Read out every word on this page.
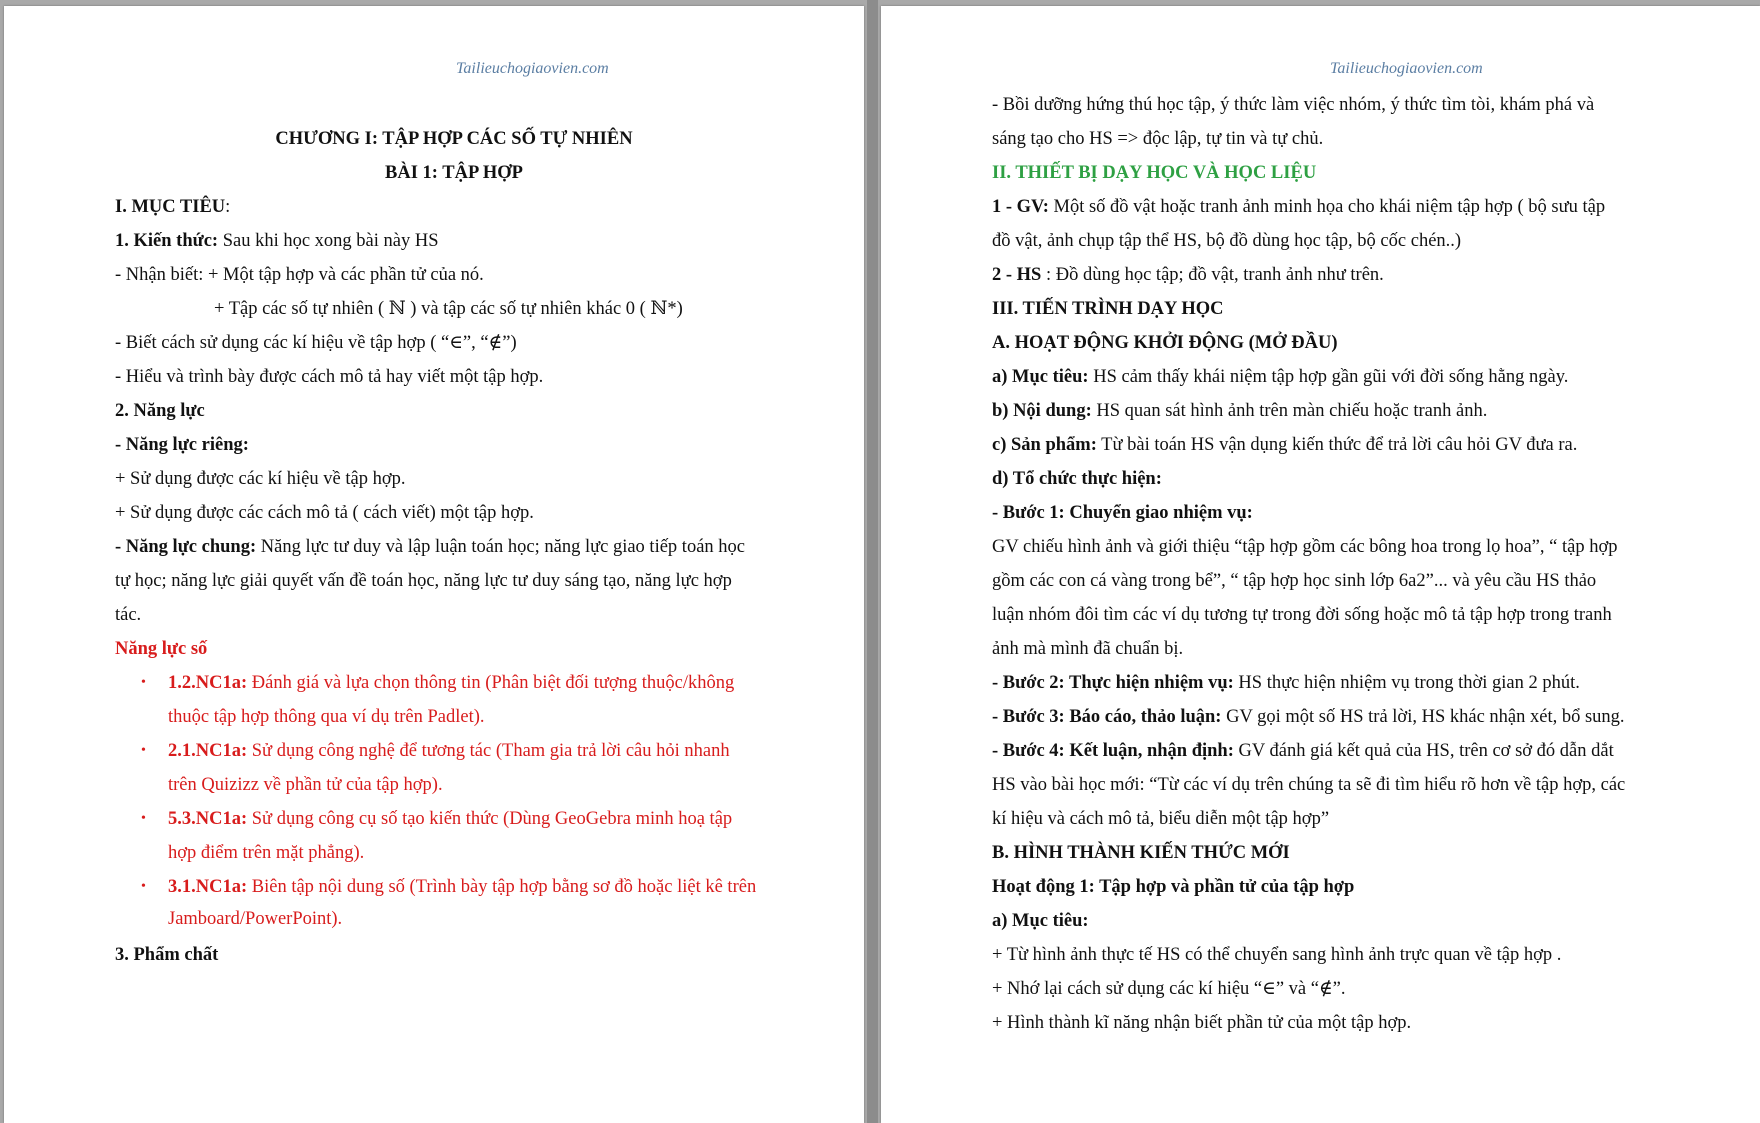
Tailieuchogiaovien.com
CHƯƠNG I: TẬP HỢP CÁC SỐ TỰ NHIÊN
BÀI 1: TẬP HỢP
I. MỤC TIÊU:
1. Kiến thức: Sau khi học xong bài này HS
- Nhận biết: + Một tập hợp và các phần tử của nó.
+ Tập các số tự nhiên ( ℕ ) và tập các số tự nhiên khác 0 ( ℕ*)
- Biết cách sử dụng các kí hiệu về tập hợp ( “∈”, “∉”)
- Hiểu và trình bày được cách mô tả hay viết một tập hợp.
2. Năng lực
- Năng lực riêng:
+ Sử dụng được các kí hiệu về tập hợp.
+ Sử dụng được các cách mô tả ( cách viết) một tập hợp.
- Năng lực chung: Năng lực tư duy và lập luận toán học; năng lực giao tiếp toán học
tự học; năng lực giải quyết vấn đề toán học, năng lực tư duy sáng tạo, năng lực hợp
tác.
Năng lực số
• 1.2.NC1a: Đánh giá và lựa chọn thông tin (Phân biệt đối tượng thuộc/không
thuộc tập hợp thông qua ví dụ trên Padlet).
• 2.1.NC1a: Sử dụng công nghệ để tương tác (Tham gia trả lời câu hỏi nhanh
trên Quizizz về phần tử của tập hợp).
• 5.3.NC1a: Sử dụng công cụ số tạo kiến thức (Dùng GeoGebra minh hoạ tập
hợp điểm trên mặt phẳng).
• 3.1.NC1a: Biên tập nội dung số (Trình bày tập hợp bằng sơ đồ hoặc liệt kê trên
Jamboard/PowerPoint).
3. Phẩm chất
Tailieuchogiaovien.com
- Bồi dưỡng hứng thú học tập, ý thức làm việc nhóm, ý thức tìm tòi, khám phá và
sáng tạo cho HS => độc lập, tự tin và tự chủ.
II. THIẾT BỊ DẠY HỌC VÀ HỌC LIỆU
1 - GV: Một số đồ vật hoặc tranh ảnh minh họa cho khái niệm tập hợp ( bộ sưu tập
đồ vật, ảnh chụp tập thể HS, bộ đồ dùng học tập, bộ cốc chén..)
2 - HS : Đồ dùng học tập; đồ vật, tranh ảnh như trên.
III. TIẾN TRÌNH DẠY HỌC
A. HOẠT ĐỘNG KHỞI ĐỘNG (MỞ ĐẦU)
a) Mục tiêu: HS cảm thấy khái niệm tập hợp gần gũi với đời sống hằng ngày.
b) Nội dung: HS quan sát hình ảnh trên màn chiếu hoặc tranh ảnh.
c) Sản phẩm: Từ bài toán HS vận dụng kiến thức để trả lời câu hỏi GV đưa ra.
d) Tổ chức thực hiện:
- Bước 1: Chuyển giao nhiệm vụ:
GV chiếu hình ảnh và giới thiệu “tập hợp gồm các bông hoa trong lọ hoa”, “ tập hợp
gồm các con cá vàng trong bể”, “ tập hợp học sinh lớp 6a2”... và yêu cầu HS thảo
luận nhóm đôi tìm các ví dụ tương tự trong đời sống hoặc mô tả tập hợp trong tranh
ảnh mà mình đã chuẩn bị.
- Bước 2: Thực hiện nhiệm vụ: HS thực hiện nhiệm vụ trong thời gian 2 phút.
- Bước 3: Báo cáo, thảo luận: GV gọi một số HS trả lời, HS khác nhận xét, bổ sung.
- Bước 4: Kết luận, nhận định: GV đánh giá kết quả của HS, trên cơ sở đó dẫn dắt
HS vào bài học mới: “Từ các ví dụ trên chúng ta sẽ đi tìm hiểu rõ hơn về tập hợp, các
kí hiệu và cách mô tả, biểu diễn một tập hợp”
B. HÌNH THÀNH KIẾN THỨC MỚI
Hoạt động 1: Tập hợp và phần tử của tập hợp
a) Mục tiêu:
+ Từ hình ảnh thực tế HS có thể chuyển sang hình ảnh trực quan về tập hợp .
+ Nhớ lại cách sử dụng các kí hiệu “∈” và “∉”.
+ Hình thành kĩ năng nhận biết phần tử của một tập hợp.
